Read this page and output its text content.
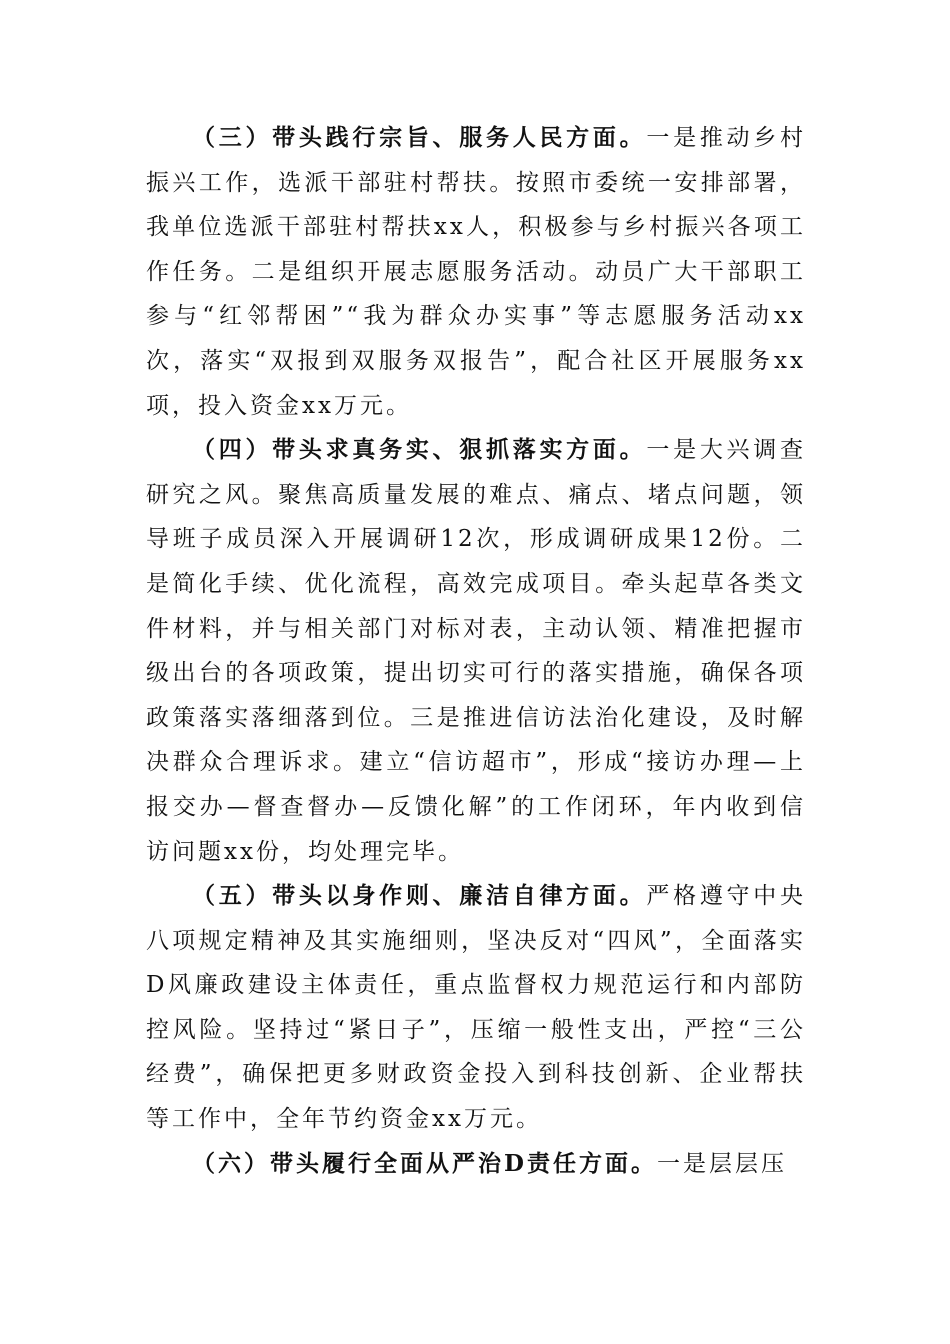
（三）带头践行宗旨、服务人民方面。一是推动乡村振兴工作，选派干部驻村帮扶。按照市委统一安排部署，我单位选派干部驻村帮扶xx人，积极参与乡村振兴各项工作任务。二是组织开展志愿服务活动。动员广大干部职工参与“红邻帮困”“我为群众办实事”等志愿服务活动xx次，落实“双报到双服务双报告”，配合社区开展服务xx项，投入资金xx万元。

（四）带头求真务实、狠抓落实方面。一是大兴调查研究之风。聚焦高质量发展的难点、痛点、堵点问题，领导班子成员深入开展调研12次，形成调研成果12份。二是简化手续、优化流程，高效完成项目。牵头起草各类文件材料，并与相关部门对标对表，主动认领、精准把握市级出台的各项政策，提出切实可行的落实措施，确保各项政策落实落细落到位。三是推进信访法治化建设，及时解决群众合理诉求。建立“信访超市”，形成“接访办理—上报交办—督查督办—反馈化解”的工作闭环，年内收到信访问题xx份，均处理完毕。

（五）带头以身作则、廉洁自律方面。严格遵守中央八项规定精神及其实施细则，坚决反对“四风”，全面落实D风廉政建设主体责任，重点监督权力规范运行和内部防控风险。坚持过“紧日子”，压缩一般性支出，严控“三公经费”，确保把更多财政资金投入到科技创新、企业帮扶等工作中，全年节约资金xx万元。

（六）带头履行全面从严治D责任方面。一是层层压
